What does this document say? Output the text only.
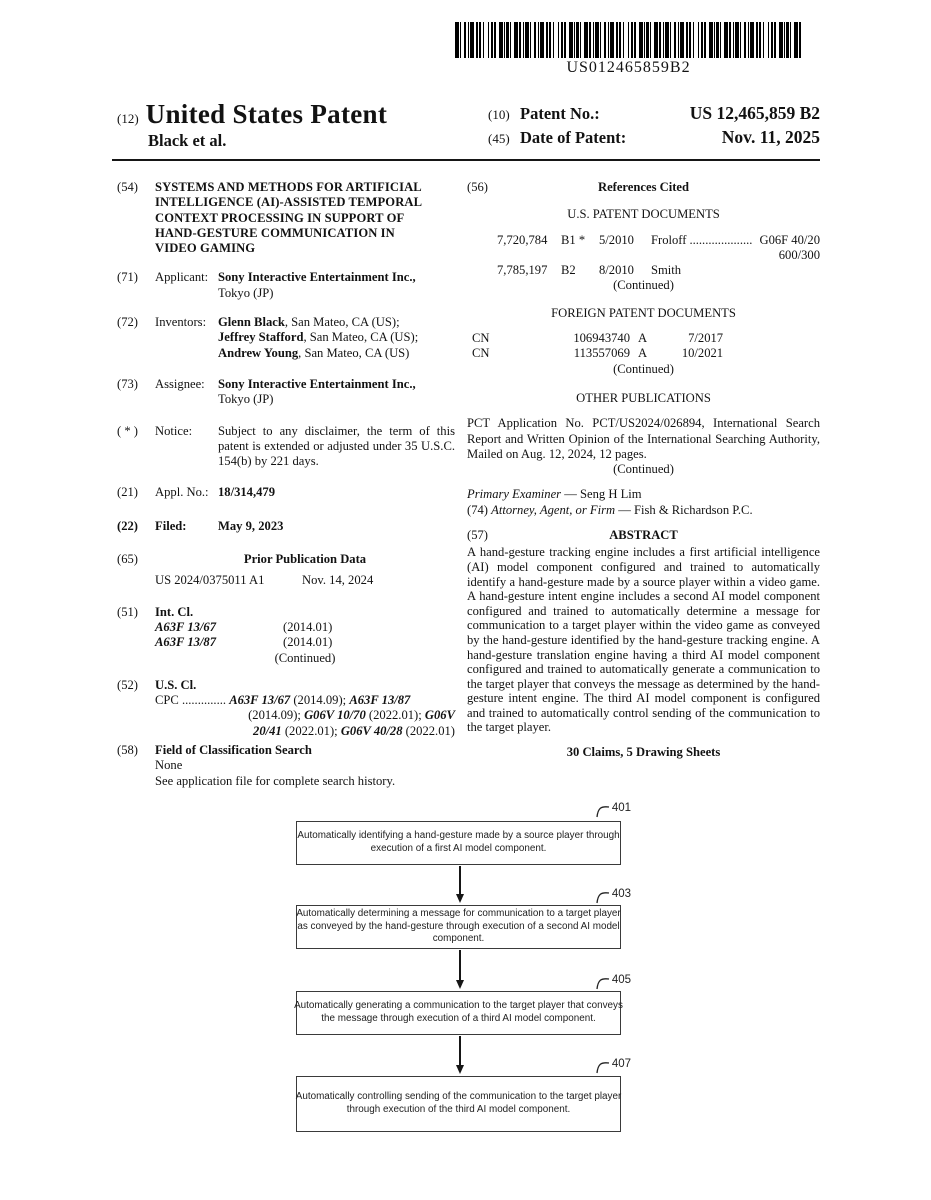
US012465859B2
(12) United States Patent
Black et al.
(10) Patent No.:	US 12,465,859 B2
(45) Date of Patent:	Nov. 11, 2025
(54)	SYSTEMS AND METHODS FOR ARTIFICIAL
INTELLIGENCE (AI)-ASSISTED TEMPORAL
CONTEXT PROCESSING IN SUPPORT OF
HAND-GESTURE COMMUNICATION IN
VIDEO GAMING
(71)	Applicant: Sony Interactive Entertainment Inc.,
Tokyo (JP)
(72)	Inventors: Glenn Black, San Mateo, CA (US);
Jeffrey Stafford, San Mateo, CA (US);
Andrew Young, San Mateo, CA (US)
(73)	Assignee:	Sony Interactive Entertainment Inc.,
Tokyo (JP)
( * )	Notice:	Subject to any disclaimer, the term of this patent is extended or adjusted under 35 U.S.C. 154(b) by 221 days.
(21)	Appl. No.: 18/314,479
(22)	Filed:	May 9, 2023
(65)	Prior Publication Data
US 2024/0375011 A1	Nov. 14, 2024
(51)	Int. Cl.
A63F 13/67	(2014.01)
A63F 13/87	(2014.01)
(Continued)
(52)	U.S. Cl.
CPC .............. A63F 13/67 (2014.09); A63F 13/87
(2014.09); G06V 10/70 (2022.01); G06V
20/41 (2022.01); G06V 40/28 (2022.01)
(58)	Field of Classification Search
None
See application file for complete search history.
(56)	References Cited
U.S. PATENT DOCUMENTS
7,720,784	B1 *	5/2010	Froloff .................... G06F 40/20
600/300
7,785,197	B2	8/2010	Smith
(Continued)
FOREIGN PATENT DOCUMENTS
CN	106943740 A	7/2017
CN	113557069 A	10/2021
(Continued)
OTHER PUBLICATIONS
PCT Application No. PCT/US2024/026894, International Search Report and Written Opinion of the International Searching Authority, Mailed on Aug. 12, 2024, 12 pages.
(Continued)
Primary Examiner — Seng H Lim
(74) Attorney, Agent, or Firm — Fish & Richardson P.C.
(57)	ABSTRACT
A hand-gesture tracking engine includes a first artificial intelligence (AI) model component configured and trained to automatically identify a hand-gesture made by a source player within a video game. A hand-gesture intent engine includes a second AI model component configured and trained to automatically determine a message for communication to a target player within the video game as conveyed by the hand-gesture identified by the hand-gesture tracking engine. A hand-gesture translation engine having a third AI model component configured and trained to automatically generate a communication to the target player that conveys the message as determined by the hand-gesture intent engine. The third AI model component is configured and trained to automatically control sending of the communication to the target player.
30 Claims, 5 Drawing Sheets
401
Automatically identifying a hand-gesture made by a source player through
execution of a first AI model component.
403
Automatically determining a message for communication to a target player
as conveyed by the hand-gesture through execution of a second AI model
component.
405
Automatically generating a communication to the target player that conveys
the message through execution of a third AI model component.
407
Automatically controlling sending of the communication to the target player
through execution of the third AI model component.
